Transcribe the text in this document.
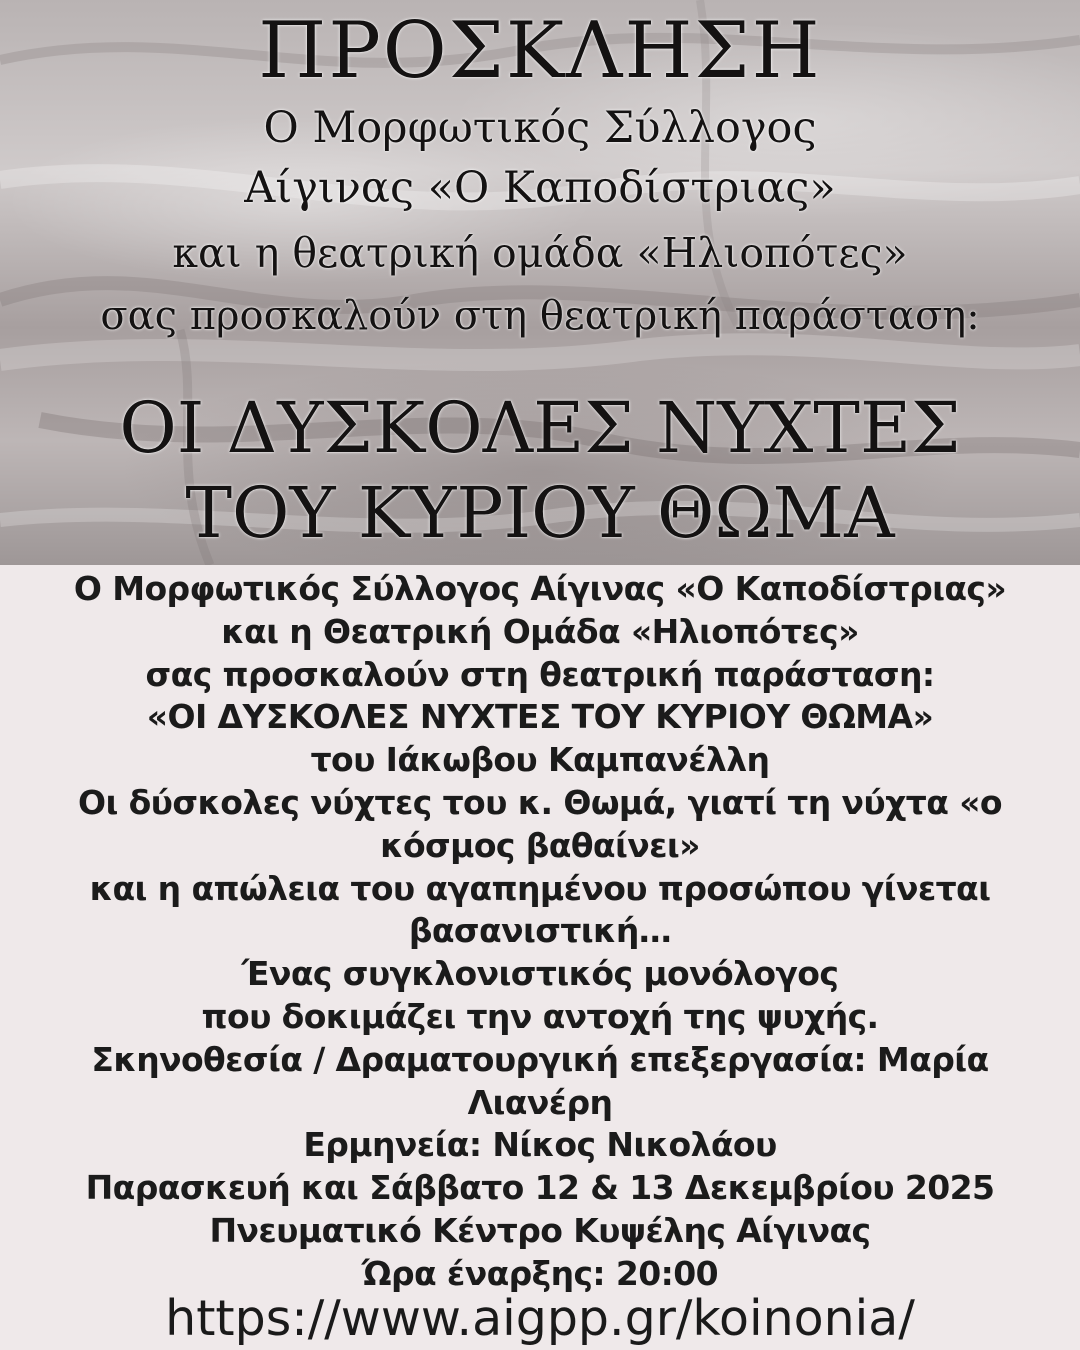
ΠΡΟΣΚΛΗΣΗ
Ο Μορφωτικός Σύλλογος
Αίγινας «Ο Καποδίστριας»
και η θεατρική ομάδα «Ηλιοπότες»
σας προσκαλούν στη θεατρική παράσταση:
ΟΙ ΔΥΣΚΟΛΕΣ ΝΥΧΤΕΣ
ΤΟΥ ΚΥΡΙΟΥ ΘΩΜΑ
Ο Μορφωτικός Σύλλογος Αίγινας «Ο Καποδίστριας»
και η Θεατρική Ομάδα «Ηλιοπότες»
σας προσκαλούν στη θεατρική παράσταση:
«ΟΙ ΔΥΣΚΟΛΕΣ ΝΥΧΤΕΣ ΤΟΥ ΚΥΡΙΟΥ ΘΩΜΑ»
του Ιάκωβου Καμπανέλλη
Οι δύσκολες νύχτες του κ. Θωμά, γιατί τη νύχτα «ο
κόσμος βαθαίνει»
και η απώλεια του αγαπημένου προσώπου γίνεται
βασανιστική…
Ένας συγκλονιστικός μονόλογος
που δοκιμάζει την αντοχή της ψυχής.
Σκηνοθεσία / Δραματουργική επεξεργασία: Μαρία
Λιανέρη
Ερμηνεία: Νίκος Νικολάου
Παρασκευή και Σάββατο 12 & 13 Δεκεμβρίου 2025
Πνευματικό Κέντρο Κυψέλης Αίγινας
Ώρα έναρξης: 20:00
https://www.aigpp.gr/koinonia/
